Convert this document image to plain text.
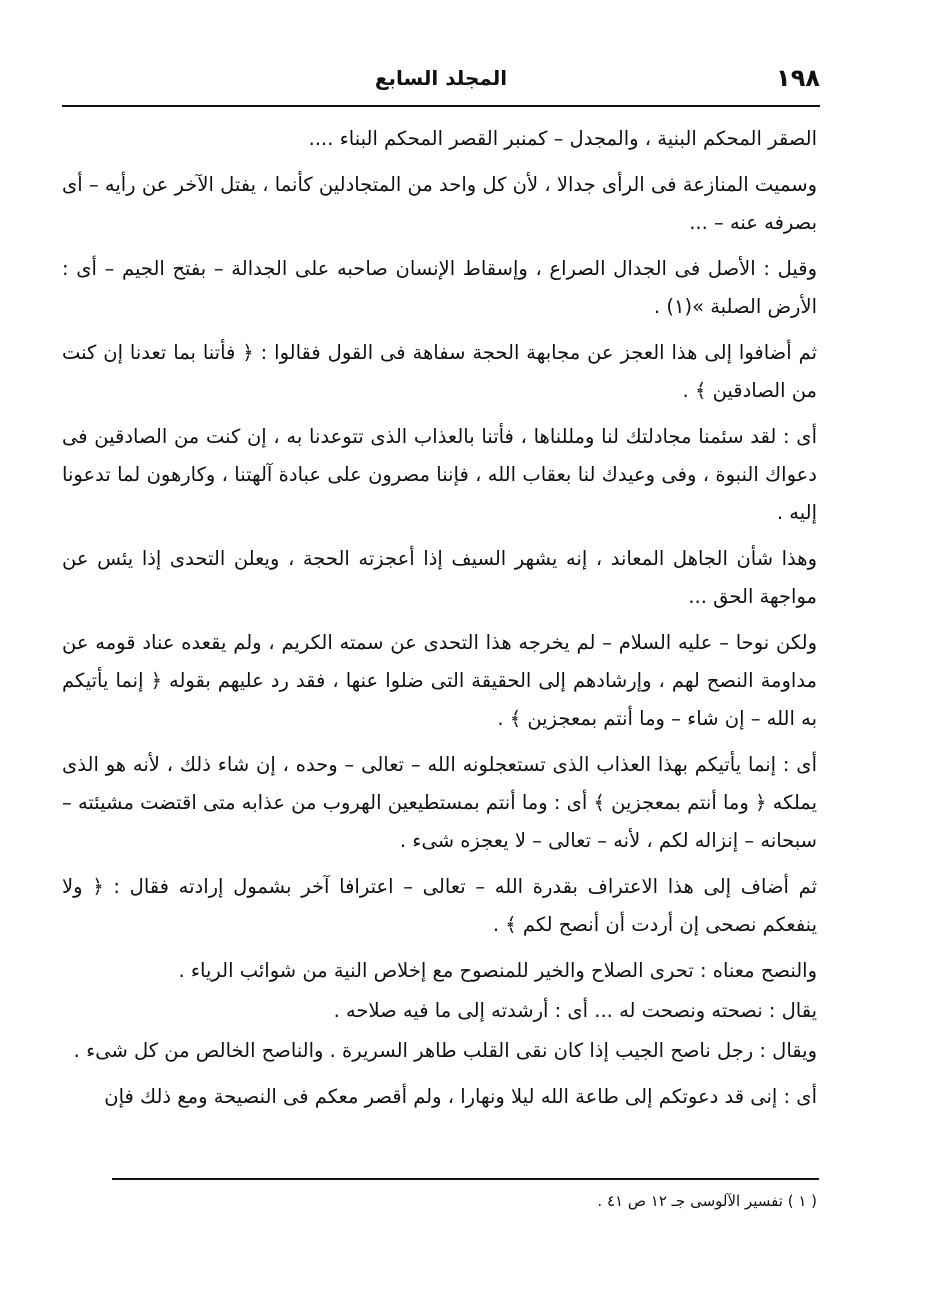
١٩٨
المجلد السابع

الصقر المحكم البنية ، والمجدل – كمنبر القصر المحكم البناء ....

وسميت المنازعة فى الرأى جدالا ، لأن كل واحد من المتجادلين كأنما ، يفتل الآخر عن رأيه – أى بصرفه عنه – ...

وقيل : الأصل فى الجدال الصراع ، وإسقاط الإنسان صاحبه على الجدالة – بفتح الجيم – أى : الأرض الصلبة »(١) .

ثم أضافوا إلى هذا العجز عن مجابهة الحجة سفاهة فى القول فقالوا : ﴿ فأتنا بما تعدنا إن كنت من الصادقين ﴾ .

أى : لقد سئمنا مجادلتك لنا ومللناها ، فأتنا بالعذاب الذى تتوعدنا به ، إن كنت من الصادقين فى دعواك النبوة ، وفى وعيدك لنا بعقاب الله ، فإننا مصرون على عبادة آلهتنا ، وكارهون لما تدعونا إليه .

وهذا شأن الجاهل المعاند ، إنه يشهر السيف إذا أعجزته الحجة ، ويعلن التحدى إذا يئس عن مواجهة الحق ...

ولكن نوحا – عليه السلام – لم يخرجه هذا التحدى عن سمته الكريم ، ولم يقعده عناد قومه عن مداومة النصح لهم ، وإرشادهم إلى الحقيقة التى ضلوا عنها ، فقد رد عليهم بقوله ﴿ إنما يأتيكم به الله – إن شاء – وما أنتم بمعجزين ﴾ .

أى : إنما يأتيكم بهذا العذاب الذى تستعجلونه الله – تعالى – وحده ، إن شاء ذلك ، لأنه هو الذى يملكه ﴿ وما أنتم بمعجزين ﴾ أى : وما أنتم بمستطيعين الهروب من عذابه متى اقتضت مشيئته – سبحانه – إنزاله لكم ، لأنه – تعالى – لا يعجزه شىء .

ثم أضاف إلى هذا الاعتراف بقدرة الله – تعالى – اعترافا آخر بشمول إرادته فقال : ﴿ ولا ينفعكم نصحى إن أردت أن أنصح لكم ﴾ .

والنصح معناه : تحرى الصلاح والخير للمنصوح مع إخلاص النية من شوائب الرياء .

يقال : نصحته ونصحت له ... أى : أرشدته إلى ما فيه صلاحه .

ويقال : رجل ناصح الجيب إذا كان نقى القلب طاهر السريرة . والناصح الخالص من كل شىء .

أى : إنى قد دعوتكم إلى طاعة الله ليلا ونهارا ، ولم أقصر معكم فى النصيحة ومع ذلك فإن

( ١ ) تفسير الآلوسى جـ ١٢ ص ٤١ .
